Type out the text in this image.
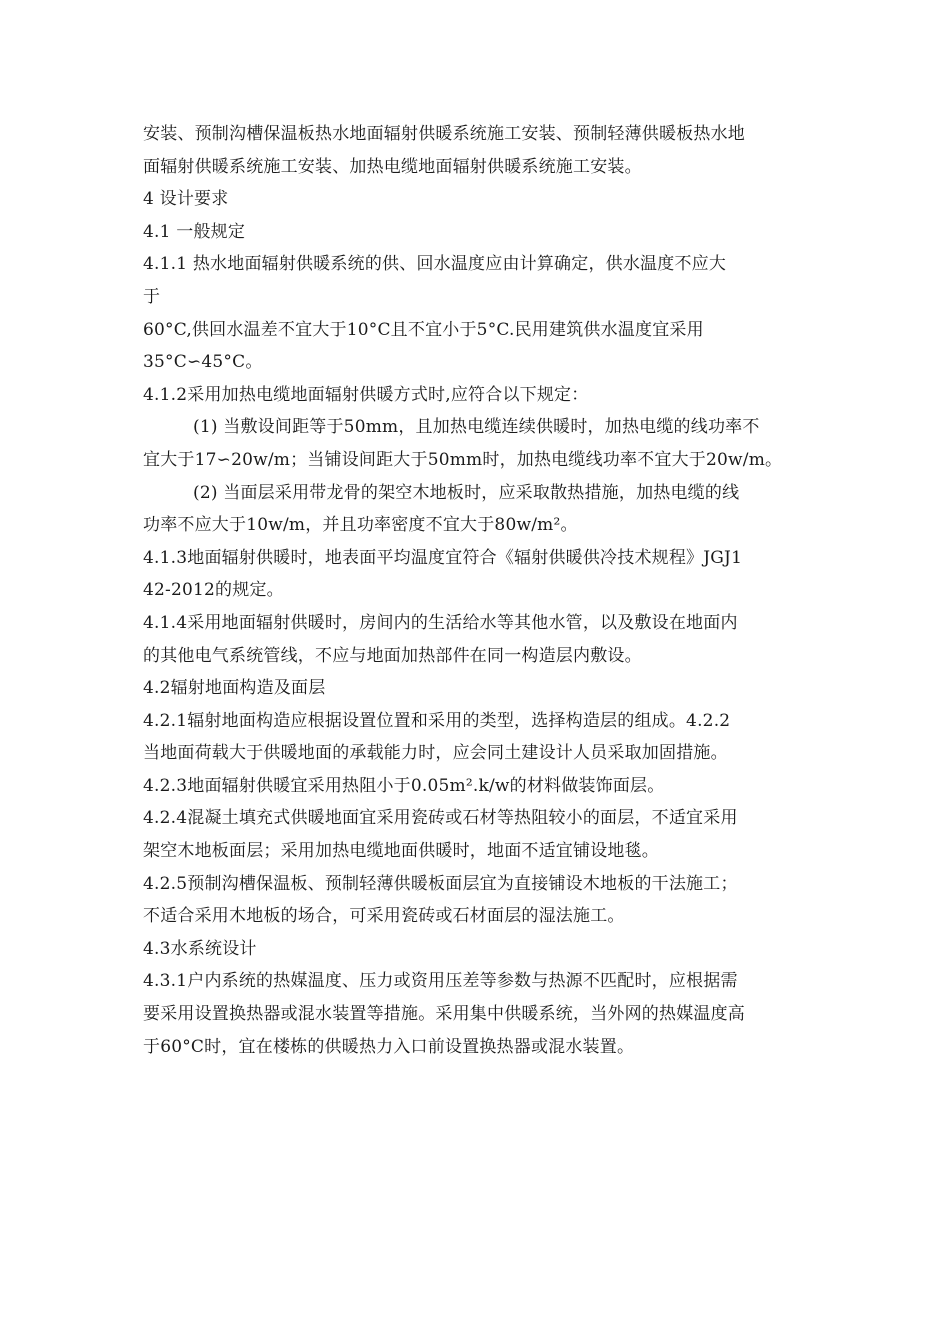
安装、预制沟槽保温板热水地面辐射供暖系统施工安装、预制轻薄供暖板热水地
面辐射供暖系统施工安装、加热电缆地面辐射供暖系统施工安装。
4 设计要求
4.1 一般规定
4.1.1 热水地面辐射供暖系统的供、回水温度应由计算确定，供水温度不应大
于
60°C,供回水温差不宜大于10°C且不宜小于5°C.民用建筑供水温度宜采用
35°C∽45°C。
4.1.2采用加热电缆地面辐射供暖方式时,应符合以下规定：
(1) 当敷设间距等于50mm，且加热电缆连续供暖时，加热电缆的线功率不
宜大于17∽20w/m；当铺设间距大于50mm时，加热电缆线功率不宜大于20w/m。
(2) 当面层采用带龙骨的架空木地板时，应采取散热措施，加热电缆的线
功率不应大于10w/m，并且功率密度不宜大于80w/m²。
4.1.3地面辐射供暖时，地表面平均温度宜符合《辐射供暖供冷技术规程》JGJ1
42-2012的规定。
4.1.4采用地面辐射供暖时，房间内的生活给水等其他水管，以及敷设在地面内
的其他电气系统管线，不应与地面加热部件在同一构造层内敷设。
4.2辐射地面构造及面层
4.2.1辐射地面构造应根据设置位置和采用的类型，选择构造层的组成。4.2.2
当地面荷载大于供暖地面的承载能力时，应会同土建设计人员采取加固措施。
4.2.3地面辐射供暖宜采用热阻小于0.05m².k/w的材料做装饰面层。
4.2.4混凝土填充式供暖地面宜采用瓷砖或石材等热阻较小的面层，不适宜采用
架空木地板面层；采用加热电缆地面供暖时，地面不适宜铺设地毯。
4.2.5预制沟槽保温板、预制轻薄供暖板面层宜为直接铺设木地板的干法施工；
不适合采用木地板的场合，可采用瓷砖或石材面层的湿法施工。
4.3水系统设计
4.3.1户内系统的热媒温度、压力或资用压差等参数与热源不匹配时，应根据需
要采用设置换热器或混水装置等措施。采用集中供暖系统，当外网的热媒温度高
于60°C时，宜在楼栋的供暖热力入口前设置换热器或混水装置。
